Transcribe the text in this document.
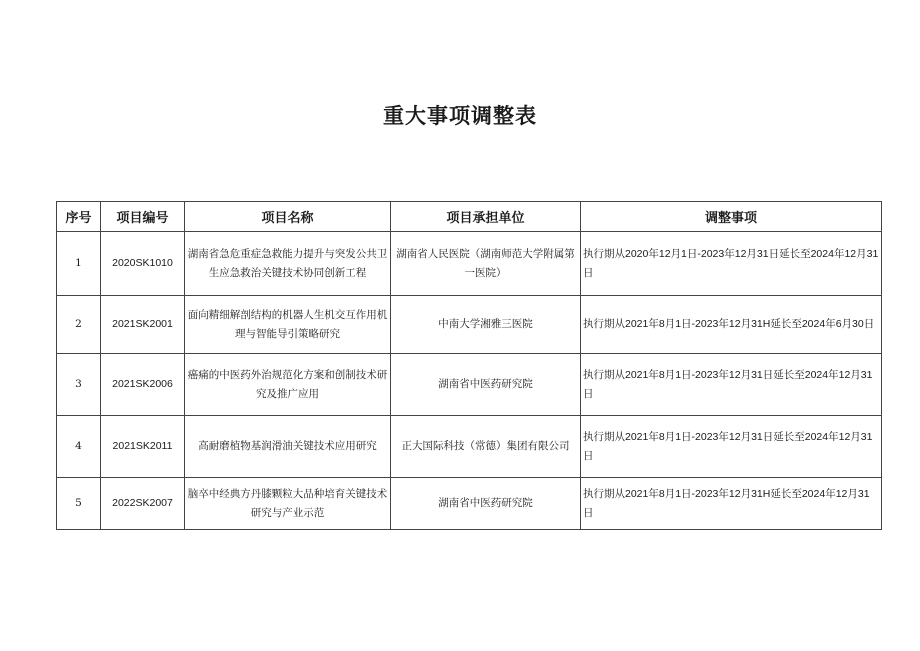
重大事项调整表
序号	项目编号	项目名称	项目承担单位	调整事项
1	2020SK1010	湖南省急危重症急救能力提升与突发公共卫生应急救治关键技术协同创新工程	湖南省人民医院（湖南师范大学附属第一医院）	执行期从2020年12月1日-2023年12月31日延长至2024年12月31日
2	2021SK2001	面向精细解剖结构的机器人生机交互作用机理与智能导引策略研究	中南大学湘雅三医院	执行期从2021年8月1日-2023年12月31H延长至2024年6月30日
3	2021SK2006	癌痛的中医药外治规范化方案和创制技术研究及推广应用	湖南省中医药研究院	执行期从2021年8月1日-2023年12月31日延长至2024年12月31日
4	2021SK2011	高耐磨植物基润滑油关键技术应用研究	正大国际科技（常德）集团有限公司	执行期从2021年8月1日-2023年12月31日延长至2024年12月31日
5	2022SK2007	脑卒中经典方丹膝颗粒大品种培育关键技术研究与产业示范	湖南省中医药研究院	执行期从2021年8月1日-2023年12月31H延长至2024年12月31日
